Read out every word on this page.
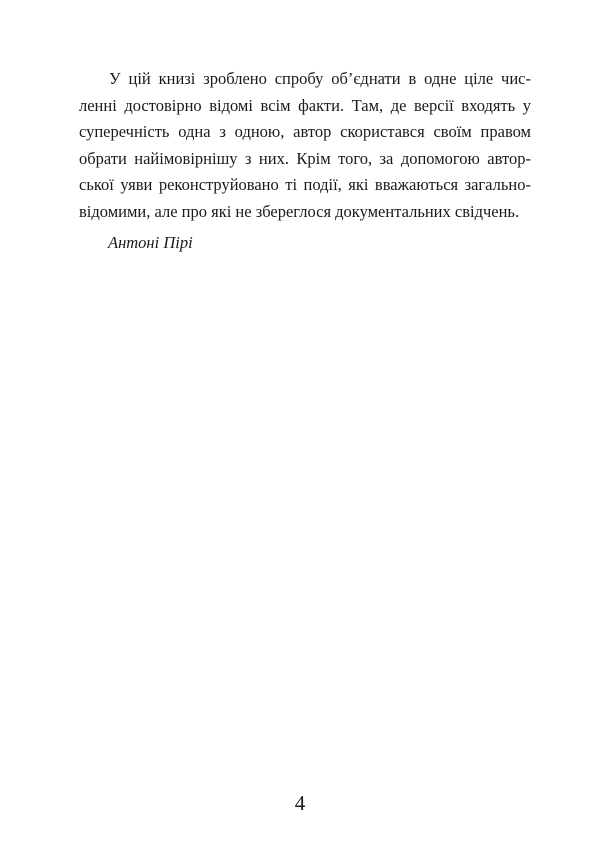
У цій книзі зроблено спробу об’єднати в одне ціле чис-
ленні достовірно відомі всім факти. Там, де версії входять у
суперечність одна з одною, автор скористався своїм правом
обрати найімовірнішу з них. Крім того, за допомогою автор-
ської уяви реконструйовано ті події, які вважаються загально-
відомими, але про які не збереглося документальних свідчень.
Антоні Пірі
4
